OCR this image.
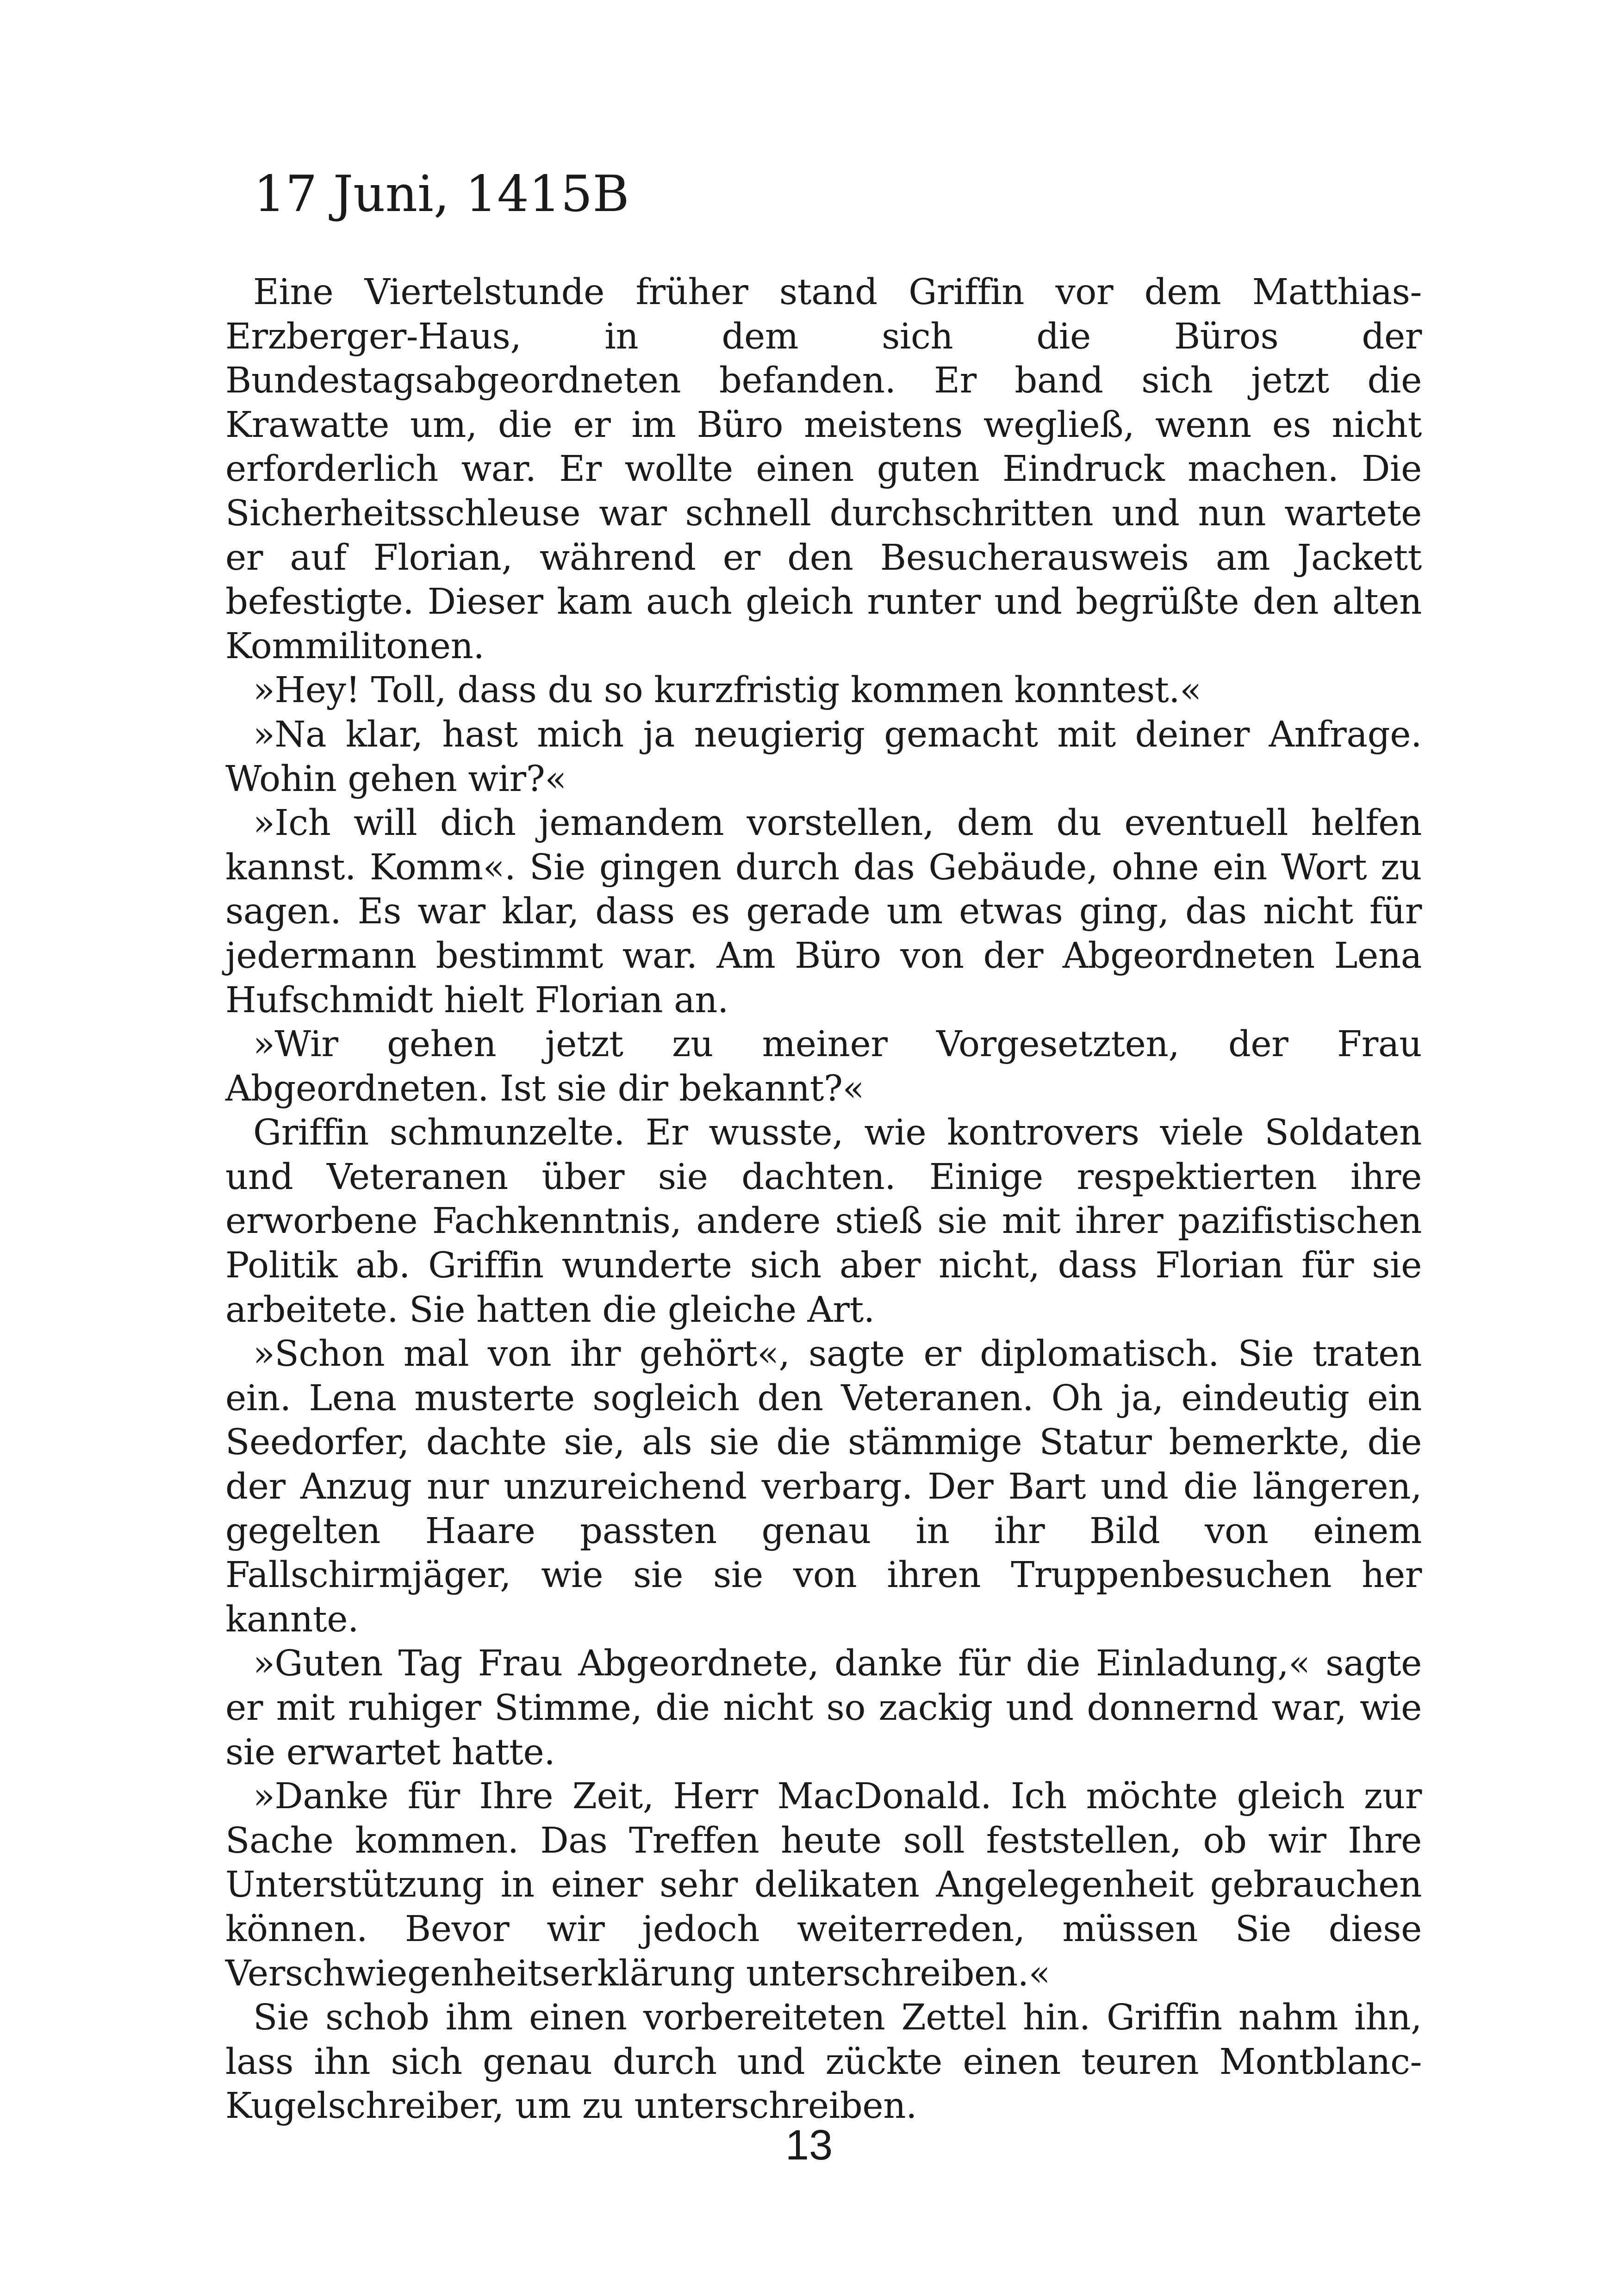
17 Juni, 1415B

Eine Viertelstunde früher stand Griffin vor dem Matthias-Erzberger-Haus, in dem sich die Büros der Bundestagsabgeordneten befanden. Er band sich jetzt die Krawatte um, die er im Büro meistens wegließ, wenn es nicht erforderlich war. Er wollte einen guten Eindruck machen. Die Sicherheitsschleuse war schnell durchschritten und nun wartete er auf Florian, während er den Besucherausweis am Jackett befestigte. Dieser kam auch gleich runter und begrüßte den alten Kommilitonen.

»Hey! Toll, dass du so kurzfristig kommen konntest.«

»Na klar, hast mich ja neugierig gemacht mit deiner Anfrage. Wohin gehen wir?«

»Ich will dich jemandem vorstellen, dem du eventuell helfen kannst. Komm«. Sie gingen durch das Gebäude, ohne ein Wort zu sagen. Es war klar, dass es gerade um etwas ging, das nicht für jedermann bestimmt war. Am Büro von der Abgeordneten Lena Hufschmidt hielt Florian an.

»Wir gehen jetzt zu meiner Vorgesetzten, der Frau Abgeordneten. Ist sie dir bekannt?«

Griffin schmunzelte. Er wusste, wie kontrovers viele Soldaten und Veteranen über sie dachten. Einige respektierten ihre erworbene Fachkenntnis, andere stieß sie mit ihrer pazifistischen Politik ab. Griffin wunderte sich aber nicht, dass Florian für sie arbeitete. Sie hatten die gleiche Art.

»Schon mal von ihr gehört«, sagte er diplomatisch. Sie traten ein. Lena musterte sogleich den Veteranen. Oh ja, eindeutig ein Seedorfer, dachte sie, als sie die stämmige Statur bemerkte, die der Anzug nur unzureichend verbarg. Der Bart und die längeren, gegelten Haare passten genau in ihr Bild von einem Fallschirmjäger, wie sie sie von ihren Truppenbesuchen her kannte.

»Guten Tag Frau Abgeordnete, danke für die Einladung,« sagte er mit ruhiger Stimme, die nicht so zackig und donnernd war, wie sie erwartet hatte.

»Danke für Ihre Zeit, Herr MacDonald. Ich möchte gleich zur Sache kommen. Das Treffen heute soll feststellen, ob wir Ihre Unterstützung in einer sehr delikaten Angelegenheit gebrauchen können. Bevor wir jedoch weiterreden, müssen Sie diese Verschwiegenheitserklärung unterschreiben.«

Sie schob ihm einen vorbereiteten Zettel hin. Griffin nahm ihn, lass ihn sich genau durch und zückte einen teuren Montblanc-Kugelschreiber, um zu unterschreiben.

13
